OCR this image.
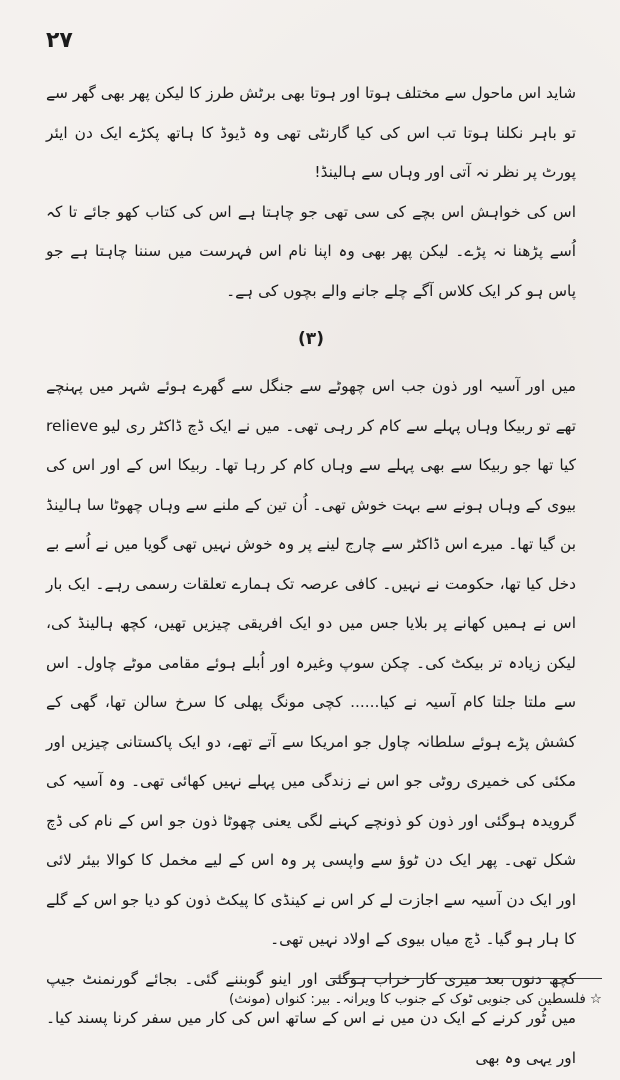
۲۷

شاید اس ماحول سے مختلف ہوتا اور ہوتا بھی برٹش طرز کا لیکن پھر بھی گھر سے تو باہر نکلنا ہوتا تب اس کی کیا گارنٹی تھی وہ ڈیوڈ کا ہاتھ پکڑے ایک دن ایئر پورٹ پر نظر نہ آتی اور وہاں سے ہالینڈ!

اس کی خواہش اس بچے کی سی تھی جو چاہتا ہے اس کی کتاب کھو جائے تا کہ اُسے پڑھنا نہ پڑے۔ لیکن پھر بھی وہ اپنا نام اس فہرست میں سننا چاہتا ہے جو پاس ہو کر ایک کلاس آگے چلے جانے والے بچوں کی ہے۔

(۳)

میں اور آسیہ اور ذون جب اس چھوٹے سے جنگل سے گھرے ہوئے شہر میں پہنچے تھے تو ربیکا وہاں پہلے سے کام کر رہی تھی۔ میں نے ایک ڈچ ڈاکٹر ری لیو relieve کیا تھا جو ربیکا سے بھی پہلے سے وہاں کام کر رہا تھا۔ ربیکا اس کے اور اس کی بیوی کے وہاں ہونے سے بہت خوش تھی۔ اُن تین کے ملنے سے وہاں چھوٹا سا ہالینڈ بن گیا تھا۔ میرے اس ڈاکٹر سے چارج لینے پر وہ خوش نہیں تھی گویا میں نے اُسے بے دخل کیا تھا، حکومت نے نہیں۔ کافی عرصہ تک ہمارے تعلقات رسمی رہے۔ ایک بار اس نے ہمیں کھانے پر بلایا جس میں دو ایک افریقی چیزیں تھیں، کچھ ہالینڈ کی، لیکن زیادہ تر بیکٹ کی۔ چکن سوپ وغیرہ اور اُبلے ہوئے مقامی موٹے چاول۔ اس سے ملتا جلتا کام آسیہ نے کیا...... کچی مونگ پھلی کا سرخ سالن تھا، گھی کے کشش پڑے ہوئے سلطانہ چاول جو امریکا سے آتے تھے، دو ایک پاکستانی چیزیں اور مکئی کی خمیری روٹی جو اس نے زندگی میں پہلے نہیں کھائی تھی۔ وہ آسیہ کی گرویدہ ہوگئی اور ذون کو ذونچے کہنے لگی یعنی چھوٹا ذون جو اس کے نام کی ڈچ شکل تھی۔ پھر ایک دن ٹوؤ سے واپسی پر وہ اس کے لیے مخمل کا کوالا بیئر لائی اور ایک دن آسیہ سے اجازت لے کر اس نے کینڈی کا پیکٹ ذون کو دیا جو اس کے گلے کا ہار ہو گیا۔ ڈچ میاں بیوی کے اولاد نہیں تھی۔

کچھ دنوں بعد میری کار خراب ہوگئی اور اینو گوبننے گئی۔ بجائے گورنمنٹ جیپ میں ٹُور کرنے کے ایک دن میں نے اس کے ساتھ اس کی کار میں سفر کرنا پسند کیا۔ اور یہی وہ بھی

☆فلسطین کی جنوبی ٹوک کے جنوب کا ویرانہ۔ بیر: کنواں (مونث)
